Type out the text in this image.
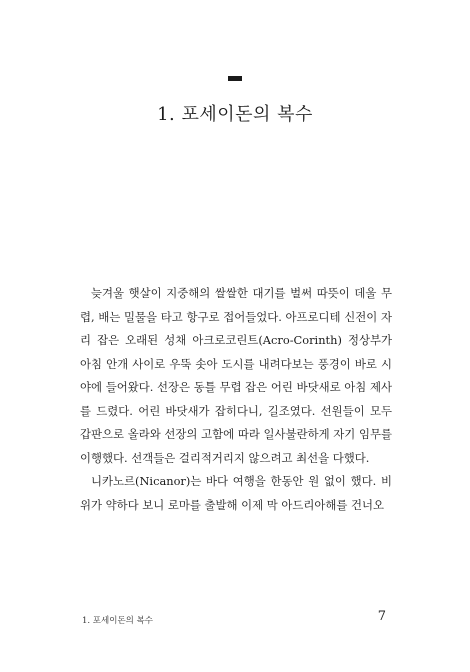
1. 포세이돈의 복수

늦겨울 햇살이 지중해의 쌀쌀한 대기를 벌써 따뜻이 데울 무렵, 배는 밀물을 타고 항구로 접어들었다. 아프로디테 신전이 자리 잡은 오래된 성채 아크로코린트(Acro-Corinth) 정상부가 아침 안개 사이로 우뚝 솟아 도시를 내려다보는 풍경이 바로 시야에 들어왔다. 선장은 동틀 무렵 잡은 어린 바닷새로 아침 제사를 드렸다. 어린 바닷새가 잡히다니, 길조였다. 선원들이 모두 갑판으로 올라와 선장의 고함에 따라 일사불란하게 자기 임무를 이행했다. 선객들은 걸리적거리지 않으려고 최선을 다했다.

니카노르(Nicanor)는 바다 여행을 한동안 원 없이 했다. 비위가 약하다 보니 로마를 출발해 이제 막 아드리아해를 건너오

1. 포세이돈의 복수	7
